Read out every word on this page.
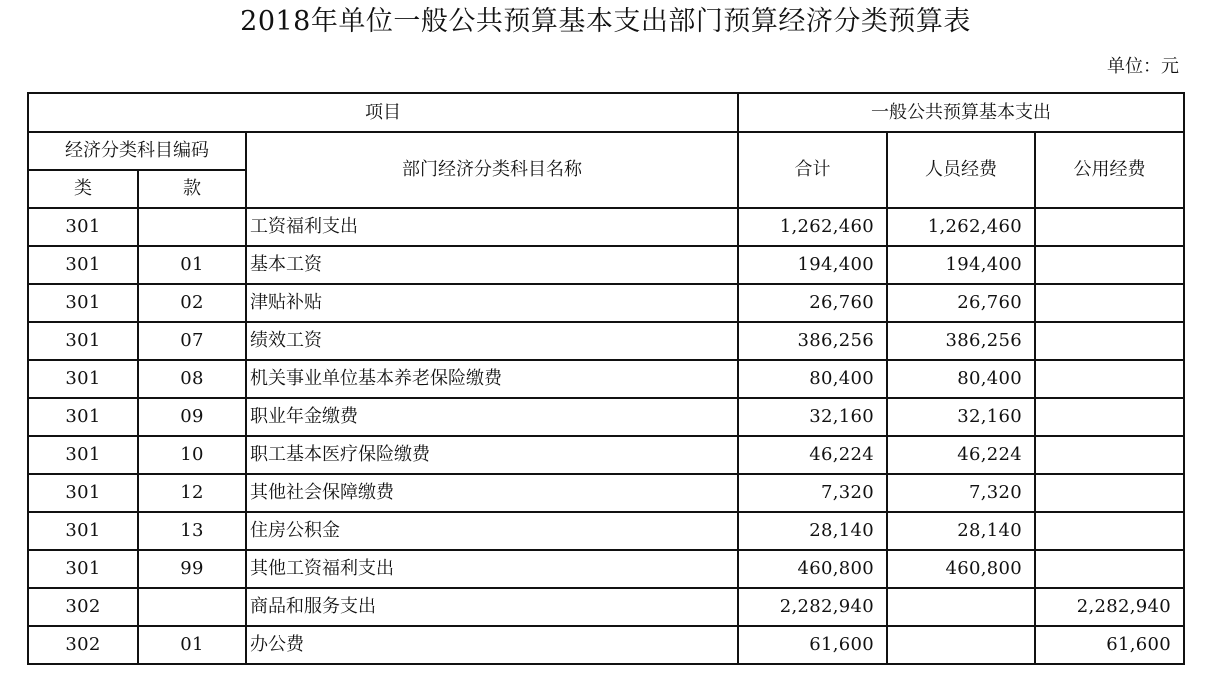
2018年单位一般公共预算基本支出部门预算经济分类预算表
单位：元
项目			一般公共预算基本支出		
经济分类科目编码		部门经济分类科目名称	合计	人员经费	公用经费
类	款				
301		工资福利支出	1,262,460	1,262,460	
301	01	基本工资	194,400	194,400	
301	02	津贴补贴	26,760	26,760	
301	07	绩效工资	386,256	386,256	
301	08	机关事业单位基本养老保险缴费	80,400	80,400	
301	09	职业年金缴费	32,160	32,160	
301	10	职工基本医疗保险缴费	46,224	46,224	
301	12	其他社会保障缴费	7,320	7,320	
301	13	住房公积金	28,140	28,140	
301	99	其他工资福利支出	460,800	460,800	
302		商品和服务支出	2,282,940		2,282,940
302	01	办公费	61,600		61,600
